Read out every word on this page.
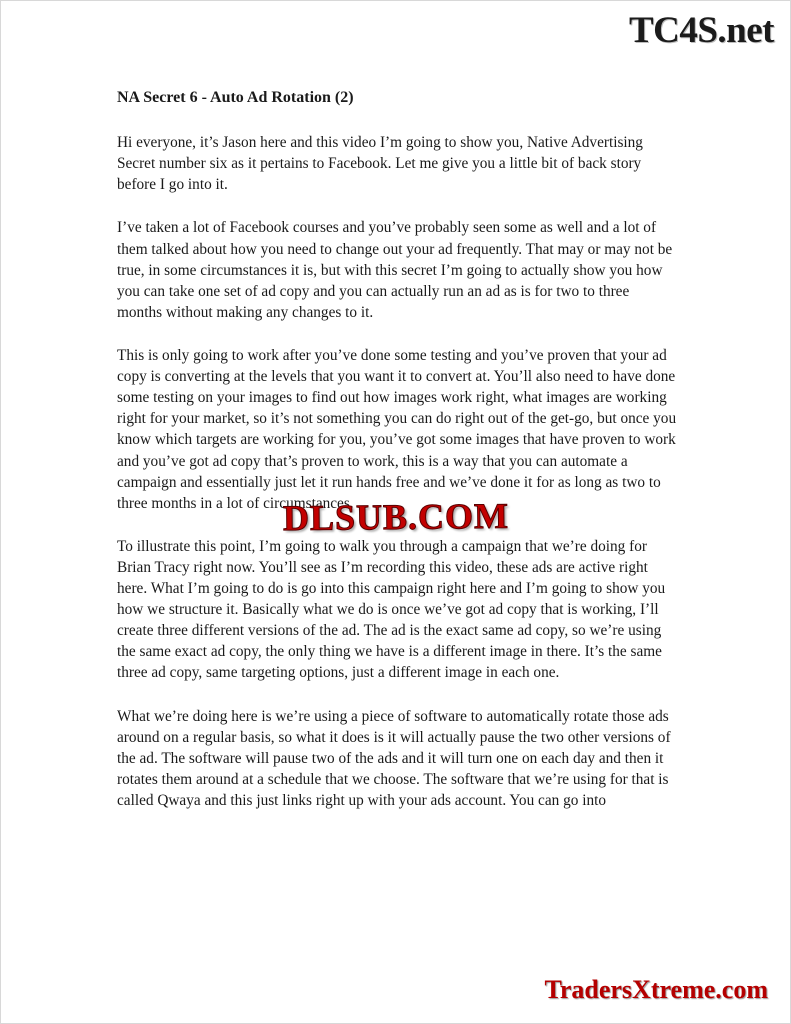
TC4S.net
NA Secret 6 - Auto Ad Rotation (2)

Hi everyone, it’s Jason here and this video I’m going to show you, Native Advertising Secret number six as it pertains to Facebook. Let me give you a little bit of back story before I go into it.

I’ve taken a lot of Facebook courses and you’ve probably seen some as well and a lot of them talked about how you need to change out your ad frequently. That may or may not be true, in some circumstances it is, but with this secret I’m going to actually show you how you can take one set of ad copy and you can actually run an ad as is for two to three months without making any changes to it.

This is only going to work after you’ve done some testing and you’ve proven that your ad copy is converting at the levels that you want it to convert at. You’ll also need to have done some testing on your images to find out how images work right, what images are working right for your market, so it’s not something you can do right out of the get-go, but once you know which targets are working for you, you’ve got some images that have proven to work and you’ve got ad copy that’s proven to work, this is a way that you can automate a campaign and essentially just let it run hands free and we’ve done it for as long as two to three months in a lot of circumstances.

To illustrate this point, I’m going to walk you through a campaign that we’re doing for Brian Tracy right now. You’ll see as I’m recording this video, these ads are active right here. What I’m going to do is go into this campaign right here and I’m going to show you how we structure it. Basically what we do is once we’ve got ad copy that is working, I’ll create three different versions of the ad. The ad is the exact same ad copy, so we’re using the same exact ad copy, the only thing we have is a different image in there. It’s the same three ad copy, same targeting options, just a different image in each one.

What we’re doing here is we’re using a piece of software to automatically rotate those ads around on a regular basis, so what it does is it will actually pause the two other versions of the ad. The software will pause two of the ads and it will turn one on each day and then it rotates them around at a schedule that we choose. The software that we’re using for that is called Qwaya and this just links right up with your ads account. You can go into

DLSUB.COM
TradersXtreme.com
